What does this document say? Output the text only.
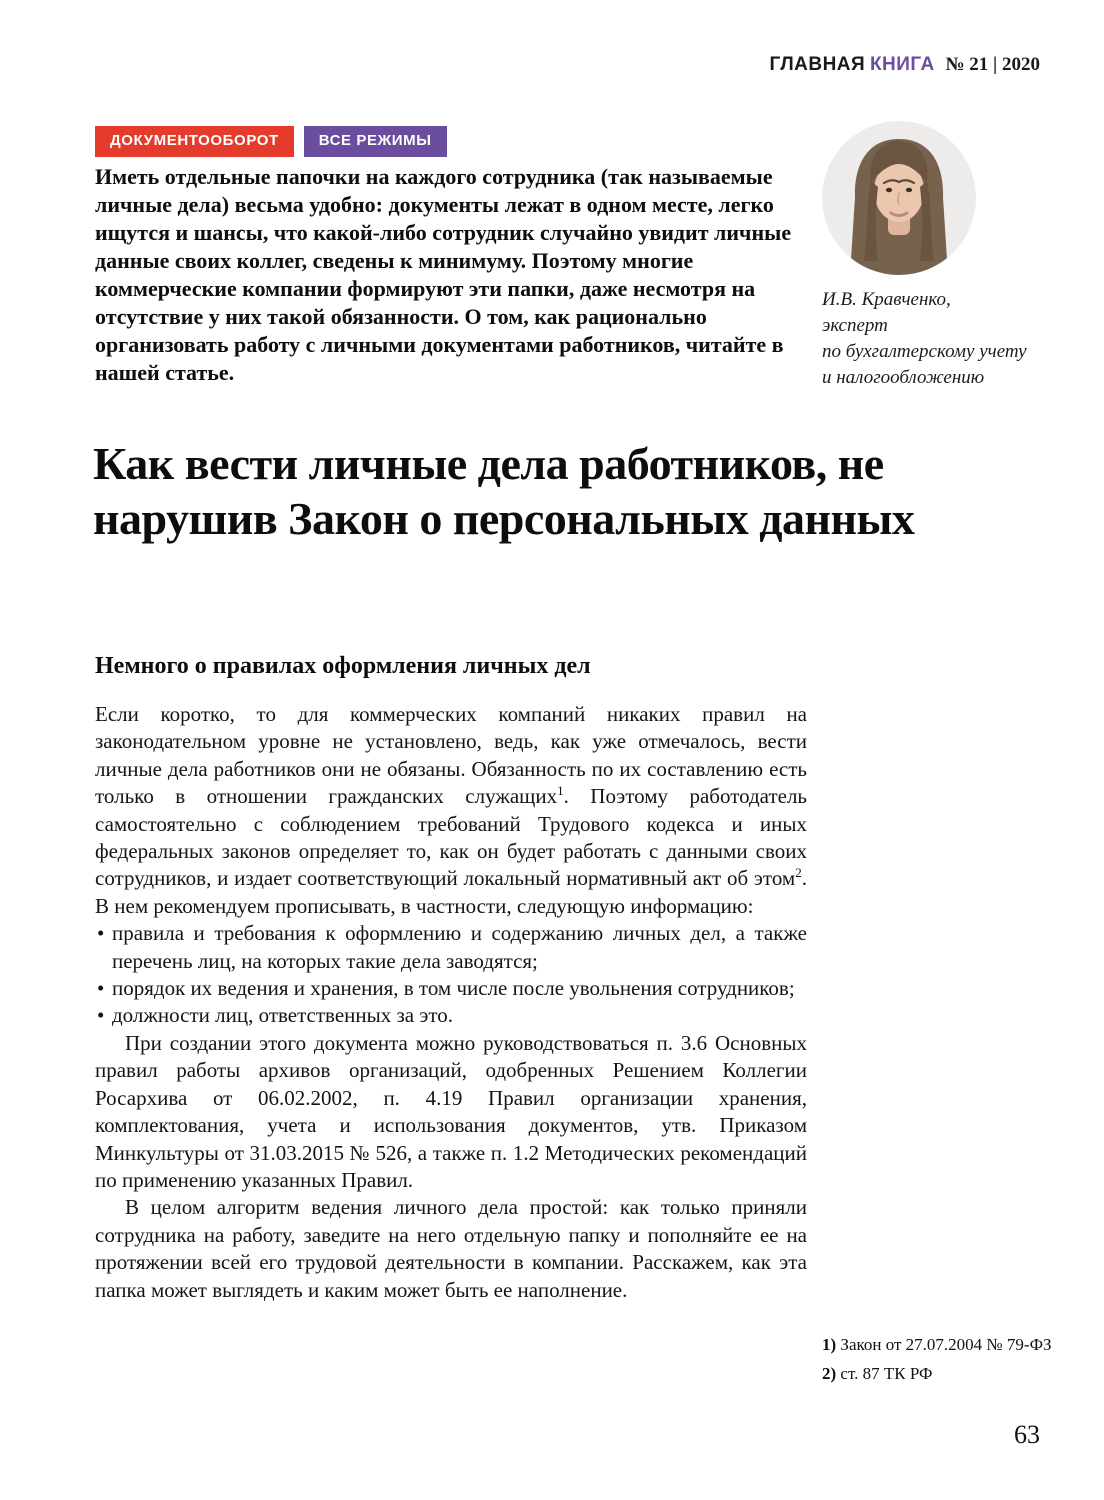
ГЛАВНАЯ КНИГА № 21 | 2020
ДОКУМЕНТООБОРОТ	ВСЕ РЕЖИМЫ

Иметь отдельные папочки на каждого сотрудника (так называемые личные дела) весьма удобно: документы лежат в одном месте, легко ищутся и шансы, что какой-либо сотрудник случайно увидит личные данные своих коллег, сведены к минимуму. Поэтому многие коммерческие компании формируют эти папки, даже несмотря на отсутствие у них такой обязанности. О том, как рационально организовать работу с личными документами работников, читайте в нашей статье.

И.В. Кравченко,
эксперт
по бухгалтерскому учету
и налогообложению
Как вести личные дела работников, не нарушив Закон о персональных данных
Немного о правилах оформления личных дел

Если коротко, то для коммерческих компаний никаких правил на законодательном уровне не установлено, ведь, как уже отмечалось, вести личные дела работников они не обязаны. Обязанность по их составлению есть только в отношении гражданских служащих$^1$. Поэтому работодатель самостоятельно с соблюдением требований Трудового кодекса и иных федеральных законов определяет то, как он будет работать с данными своих сотрудников, и издает соответствующий локальный нормативный акт об этом$^2$. В нем рекомендуем прописывать, в частности, следующую информацию:

• правила и требования к оформлению и содержанию личных дел, а также перечень лиц, на которых такие дела заводятся;
• порядок их ведения и хранения, в том числе после увольнения сотрудников;
• должности лиц, ответственных за это.

При создании этого документа можно руководствоваться п. 3.6 Основных правил работы архивов организаций, одобренных Решением Коллегии Росархива от 06.02.2002, п. 4.19 Правил организации хранения, комплектования, учета и использования документов, утв. Приказом Минкультуры от 31.03.2015 № 526, а также п. 1.2 Методических рекомендаций по применению указанных Правил.

В целом алгоритм ведения личного дела простой: как только приняли сотрудника на работу, заведите на него отдельную папку и пополняйте ее на протяжении всей его трудовой деятельности в компании. Расскажем, как эта папка может выглядеть и каким может быть ее наполнение.

1) Закон от 27.07.2004 № 79-ФЗ
2) ст. 87 ТК РФ
63
